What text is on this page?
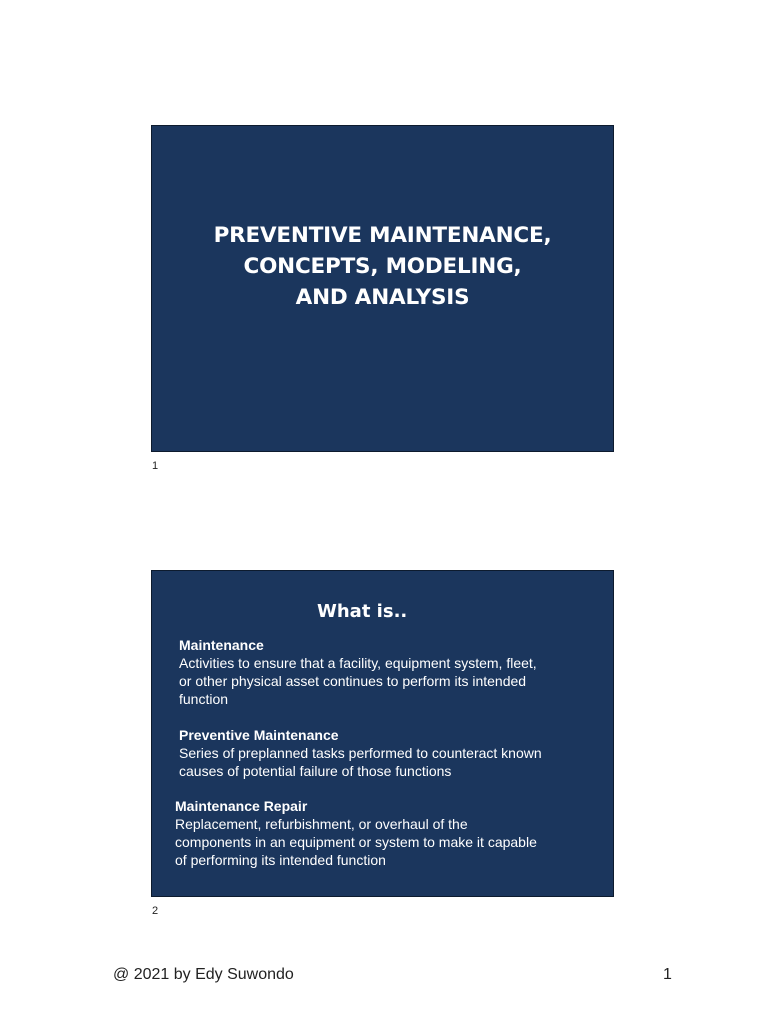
PREVENTIVE MAINTENANCE,
CONCEPTS, MODELING,
AND ANALYSIS
1
What is..
Maintenance
Activities to ensure that a facility, equipment system, fleet,
or other physical asset continues to perform its intended
function
Preventive Maintenance
Series of preplanned tasks performed to counteract known
causes of potential failure of those functions
Maintenance Repair
Replacement, refurbishment, or overhaul of the
components in an equipment or system to make it capable
of performing its intended function
2
@ 2021 by Edy Suwondo	1
